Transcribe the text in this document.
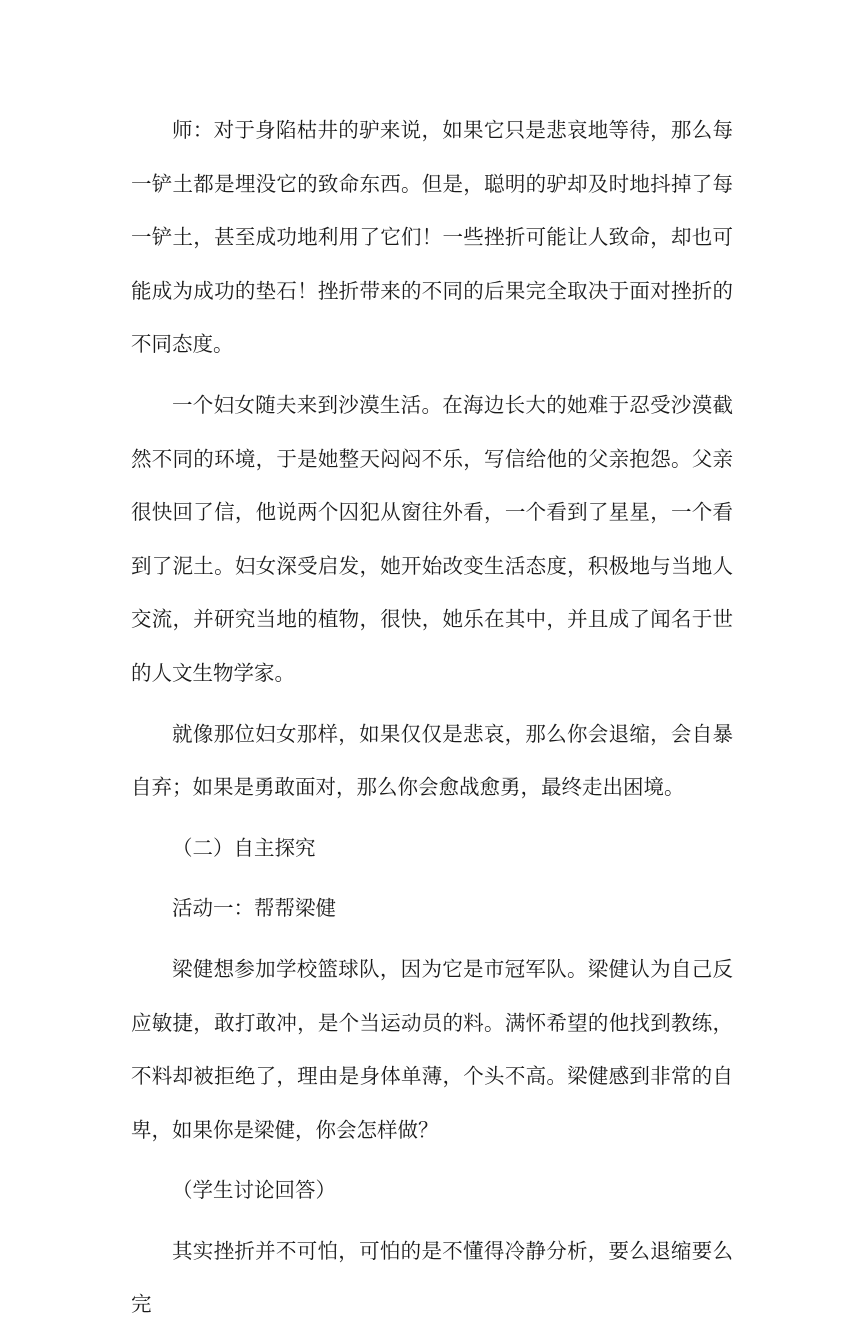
师：对于身陷枯井的驴来说，如果它只是悲哀地等待，那么每一铲土都是埋没它的致命东西。但是，聪明的驴却及时地抖掉了每一铲土，甚至成功地利用了它们！一些挫折可能让人致命，却也可能成为成功的垫石！挫折带来的不同的后果完全取决于面对挫折的不同态度。

一个妇女随夫来到沙漠生活。在海边长大的她难于忍受沙漠截然不同的环境，于是她整天闷闷不乐，写信给他的父亲抱怨。父亲很快回了信，他说两个囚犯从窗往外看，一个看到了星星，一个看到了泥土。妇女深受启发，她开始改变生活态度，积极地与当地人交流，并研究当地的植物，很快，她乐在其中，并且成了闻名于世的人文生物学家。

就像那位妇女那样，如果仅仅是悲哀，那么你会退缩，会自暴自弃；如果是勇敢面对，那么你会愈战愈勇，最终走出困境。

（二）自主探究

活动一：帮帮梁健

梁健想参加学校篮球队，因为它是市冠军队。梁健认为自己反应敏捷，敢打敢冲，是个当运动员的料。满怀希望的他找到教练，不料却被拒绝了，理由是身体单薄，个头不高。梁健感到非常的自卑，如果你是梁健，你会怎样做？

（学生讨论回答）

其实挫折并不可怕，可怕的是不懂得冷静分析，要么退缩要么完
